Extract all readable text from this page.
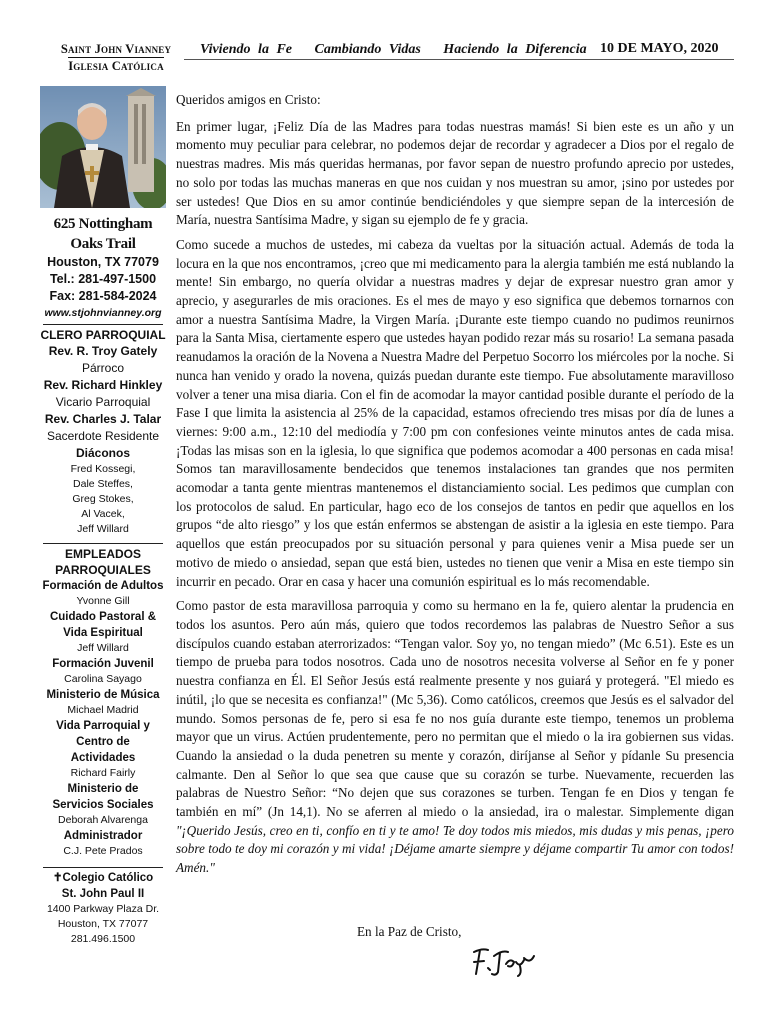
Saint John Vianney
Iglesia Católica
Viviendo la Fe   Cambiando Vidas   Haciendo la Diferencia 10 DE MAYO, 2020
625 Nottingham
Oaks Trail
Houston, TX 77079
Tel.: 281-497-1500
Fax: 281-584-2024
www.stjohnvianney.org
CLERO PARROQUIAL
Rev. R. Troy Gately
Párroco
Rev. Richard Hinkley
Vicario Parroquial
Rev. Charles J. Talar
Sacerdote Residente
Diáconos
Fred Kossegi,
Dale Steffes,
Greg Stokes,
Al Vacek,
Jeff Willard
EMPLEADOS
PARROQUIALES
Formación de Adultos
Yvonne Gill
Cuidado Pastoral & Vida Espiritual
Jeff Willard
Formación Juvenil
Carolina Sayago
Ministerio de Música
Michael Madrid
Vida Parroquial y Centro de Actividades
Richard Fairly
Ministerio de Servicios Sociales
Deborah Alvarenga
Administrador
C.J. Pete Prados
✝Colegio Católico
St. John Paul II
1400 Parkway Plaza Dr.
Houston, TX 77077
281.496.1500

Queridos amigos en Cristo:

En primer lugar, ¡Feliz Día de las Madres para todas nuestras mamás! Si bien este es un año y un momento muy peculiar para celebrar, no podemos dejar de recordar y agradecer a Dios por el regalo de nuestras madres. Mis más queridas hermanas, por favor sepan de nuestro profundo aprecio por ustedes, no solo por todas las muchas maneras en que nos cuidan y nos muestran su amor, ¡sino por ustedes por ser ustedes! Que Dios en su amor continúe bendiciéndoles y que siempre sepan de la intercesión de María, nuestra Santísima Madre, y sigan su ejemplo de fe y gracia.

Como sucede a muchos de ustedes, mi cabeza da vueltas por la situación actual. Además de toda la locura en la que nos encontramos, ¡creo que mi medicamento para la alergia también me está nublando la mente! Sin embargo, no quería olvidar a nuestras madres y dejar de expresar nuestro gran amor y aprecio, y asegurarles de mis oraciones. Es el mes de mayo y eso significa que debemos tornarnos con amor a nuestra Santísima Madre, la Virgen María. ¡Durante este tiempo cuando no pudimos reunirnos para la Santa Misa, ciertamente espero que ustedes hayan podido rezar más su rosario! La semana pasada reanudamos la oración de la Novena a Nuestra Madre del Perpetuo Socorro los miércoles por la noche. Si nunca han venido y orado la novena, quizás puedan durante este tiempo. Fue absolutamente maravilloso volver a tener una misa diaria. Con el fin de acomodar la mayor cantidad posible durante el período de la Fase I que limita la asistencia al 25% de la capacidad, estamos ofreciendo tres misas por día de lunes a viernes: 9:00 a.m., 12:10 del mediodía y 7:00 pm con confesiones veinte minutos antes de cada misa. ¡Todas las misas son en la iglesia, lo que significa que podemos acomodar a 400 personas en cada misa! Somos tan maravillosamente bendecidos que tenemos instalaciones tan grandes que nos permiten acomodar a tanta gente mientras mantenemos el distanciamiento social. Les pedimos que cumplan con los protocolos de salud. En particular, hago eco de los consejos de tantos en pedir que aquellos en los grupos “de alto riesgo” y los que están enfermos se abstengan de asistir a la iglesia en este tiempo. Para aquellos que están preocupados por su situación personal y para quienes venir a Misa puede ser un motivo de miedo o ansiedad, sepan que está bien, ustedes no tienen que venir a Misa en este tiempo sin incurrir en pecado. Orar en casa y hacer una comunión espiritual es lo más recomendable.

Como pastor de esta maravillosa parroquia y como su hermano en la fe, quiero alentar la prudencia en todos los asuntos. Pero aún más, quiero que todos recordemos las palabras de Nuestro Señor a sus discípulos cuando estaban aterrorizados: “Tengan valor. Soy yo, no tengan miedo” (Mc 6.51). Este es un tiempo de prueba para todos nosotros. Cada uno de nosotros necesita volverse al Señor en fe y poner nuestra confianza en Él. El Señor Jesús está realmente presente y nos guiará y protegerá. "El miedo es inútil, ¡lo que se necesita es confianza!" (Mc 5,36). Como católicos, creemos que Jesús es el salvador del mundo. Somos personas de fe, pero si esa fe no nos guía durante este tiempo, tenemos un problema mayor que un virus. Actúen prudentemente, pero no permitan que el miedo o la ira gobiernen sus vidas. Cuando la ansiedad o la duda penetren su mente y corazón, diríjanse al Señor y pídanle Su presencia calmante. Den al Señor lo que sea que cause que su corazón se turbe. Nuevamente, recuerden las palabras de Nuestro Señor: “No dejen que sus corazones se turben. Tengan fe en Dios y tengan fe también en mí” (Jn 14,1). No se aferren al miedo o la ansiedad, ira o malestar. Simplemente digan "¡Querido Jesús, creo en ti, confío en ti y te amo! Te doy todos mis miedos, mis dudas y mis penas, ¡pero sobre todo te doy mi corazón y mi vida! ¡Déjame amarte siempre y déjame compartir Tu amor con todos! Amén."

En la Paz de Cristo,
